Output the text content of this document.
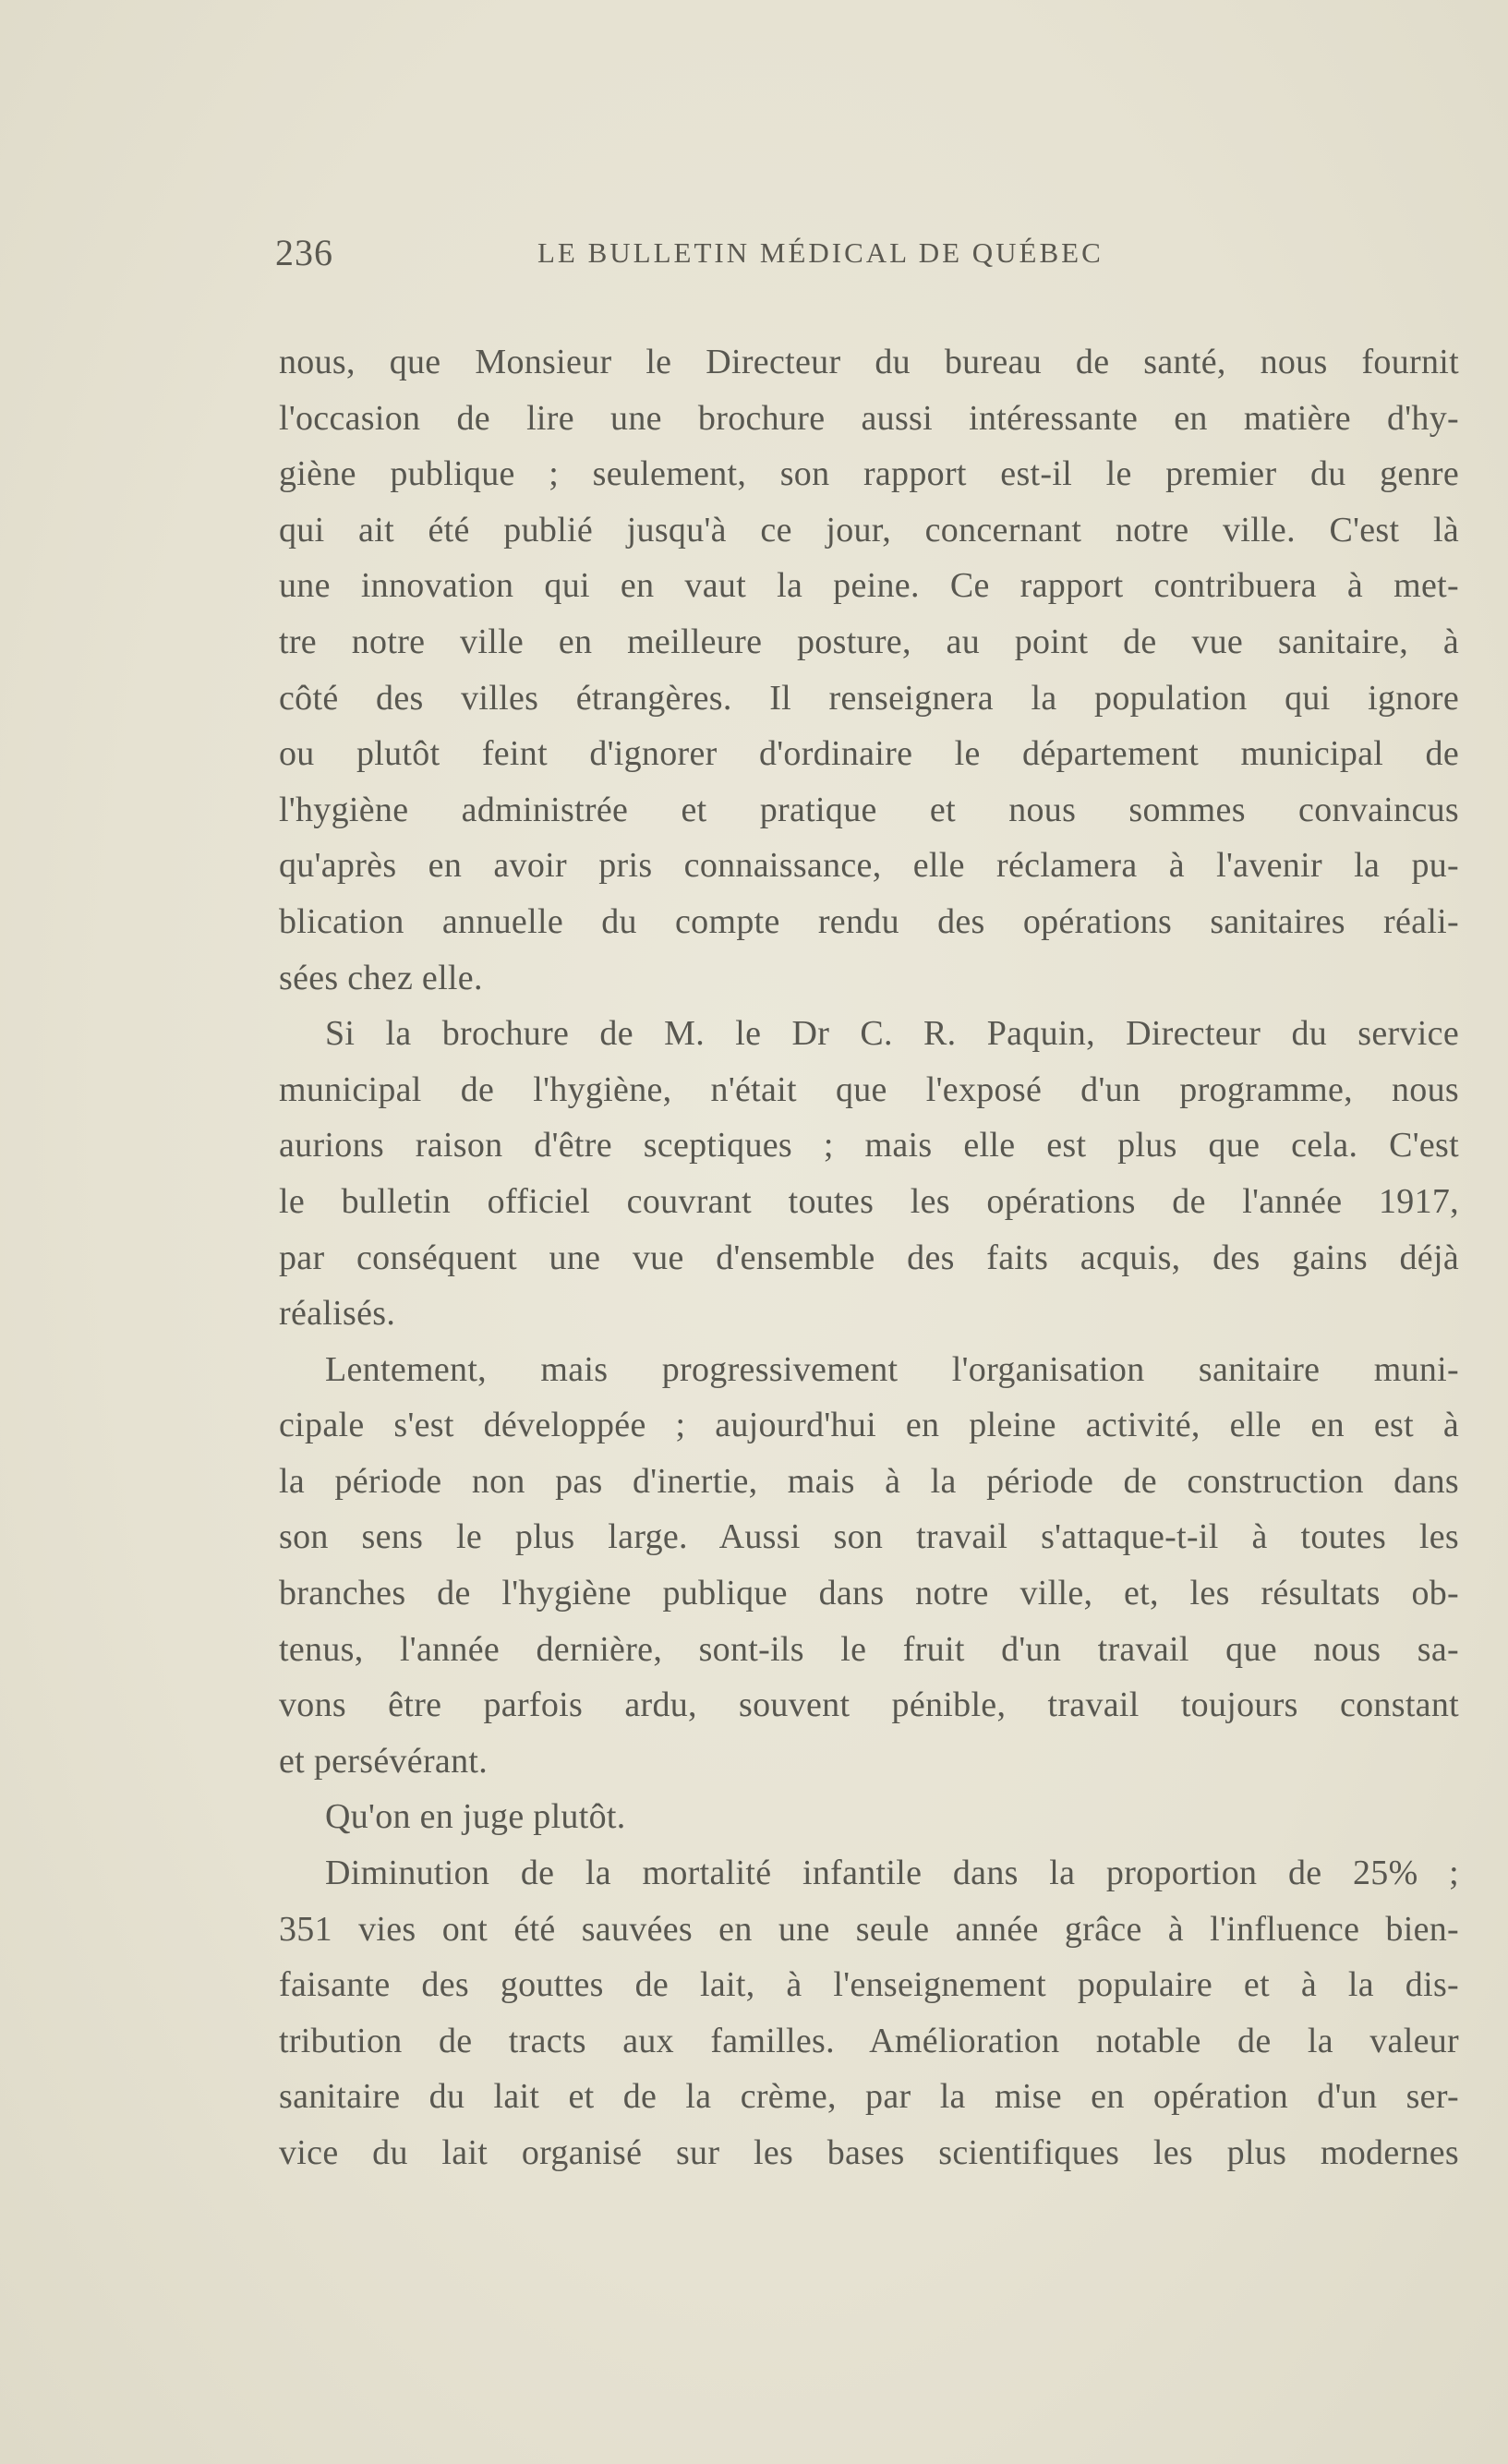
236	LE BULLETIN MÉDICAL DE QUÉBEC
nous, que Monsieur le Directeur du bureau de santé, nous fournit
l'occasion de lire une brochure aussi intéressante en matière d'hy-
giène publique ; seulement, son rapport est-il le premier du genre
qui ait été publié jusqu'à ce jour, concernant notre ville. C'est là
une innovation qui en vaut la peine. Ce rapport contribuera à met-
tre notre ville en meilleure posture, au point de vue sanitaire, à
côté des villes étrangères. Il renseignera la population qui ignore
ou plutôt feint d'ignorer d'ordinaire le département municipal de
l'hygiène administrée et pratique et nous sommes convaincus
qu'après en avoir pris connaissance, elle réclamera à l'avenir la pu-
blication annuelle du compte rendu des opérations sanitaires réali-
sées chez elle.
Si la brochure de M. le Dr C. R. Paquin, Directeur du service
municipal de l'hygiène, n'était que l'exposé d'un programme, nous
aurions raison d'être sceptiques ; mais elle est plus que cela. C'est
le bulletin officiel couvrant toutes les opérations de l'année 1917,
par conséquent une vue d'ensemble des faits acquis, des gains déjà
réalisés.
Lentement, mais progressivement l'organisation sanitaire muni-
cipale s'est développée ; aujourd'hui en pleine activité, elle en est à
la période non pas d'inertie, mais à la période de construction dans
son sens le plus large. Aussi son travail s'attaque-t-il à toutes les
branches de l'hygiène publique dans notre ville, et, les résultats ob-
tenus, l'année dernière, sont-ils le fruit d'un travail que nous sa-
vons être parfois ardu, souvent pénible, travail toujours constant
et persévérant.
Qu'on en juge plutôt.
Diminution de la mortalité infantile dans la proportion de 25% ;
351 vies ont été sauvées en une seule année grâce à l'influence bien-
faisante des gouttes de lait, à l'enseignement populaire et à la dis-
tribution de tracts aux familles. Amélioration notable de la valeur
sanitaire du lait et de la crème, par la mise en opération d'un ser-
vice du lait organisé sur les bases scientifiques les plus modernes
